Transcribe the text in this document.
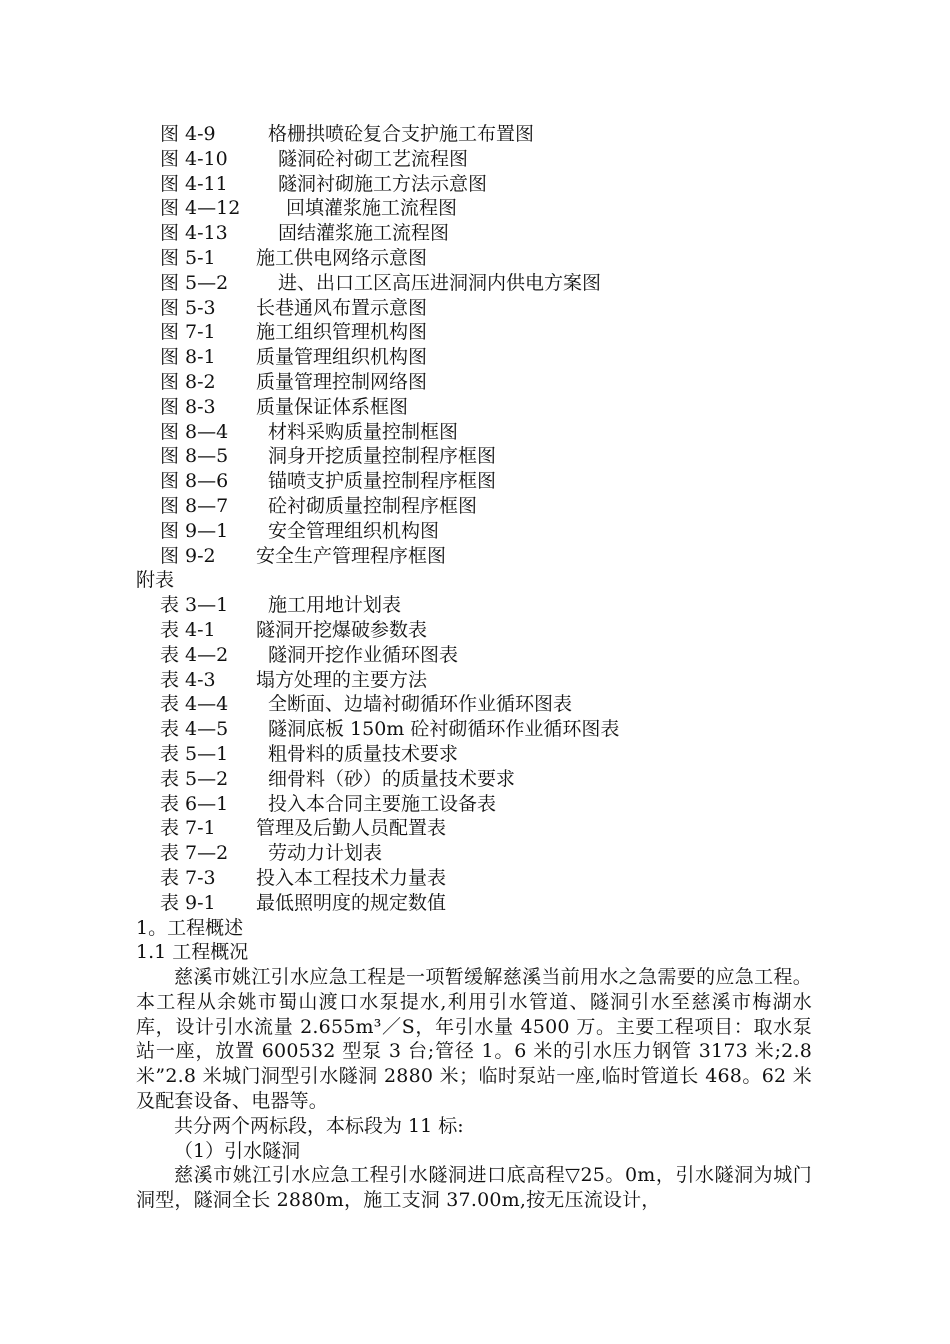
图 4-9	格栅拱喷砼复合支护施工布置图
图 4-10	隧洞砼衬砌工艺流程图
图 4-11	隧洞衬砌施工方法示意图
图 4—12 回填灌浆施工流程图
图 4-13	固结灌浆施工流程图
图 5-1 施工供电网络示意图
图 5—2	进、出口工区高压进洞洞内供电方案图
图 5-3 长巷通风布置示意图
图 7-1 施工组织管理机构图
图 8-1 质量管理组织机构图
图 8-2 质量管理控制网络图
图 8-3 质量保证体系框图
图 8—4 材料采购质量控制框图
图 8—5 洞身开挖质量控制程序框图
图 8—6 锚喷支护质量控制程序框图
图 8—7 砼衬砌质量控制程序框图
图 9—1 安全管理组织机构图
图 9-2 安全生产管理程序框图
附表
表 3—1 施工用地计划表
表 4-1 隧洞开挖爆破参数表
表 4—2 隧洞开挖作业循环图表
表 4-3 塌方处理的主要方法
表 4—4 全断面、边墙衬砌循环作业循环图表
表 4—5 隧洞底板 150m 砼衬砌循环作业循环图表
表 5—1 粗骨料的质量技术要求
表 5—2 细骨料（砂）的质量技术要求
表 6—1 投入本合同主要施工设备表
表 7-1 管理及后勤人员配置表
表 7—2 劳动力计划表
表 7-3 投入本工程技术力量表
表 9-1 最低照明度的规定数值
1。工程概述
1.1 工程概况

慈溪市姚江引水应急工程是一项暂缓解慈溪当前用水之急需要的应急工程。本工程从余姚市蜀山渡口水泵提水,利用引水管道、隧洞引水至慈溪市梅湖水库，设计引水流量 2.655m³／S，年引水量 4500 万。主要工程项目：取水泵站一座，放置 600532 型泵 3 台;管径 1。6 米的引水压力钢管 3173 米;2.8 米”2.8 米城门洞型引水隧洞 2880 米；临时泵站一座,临时管道长 468。62 米及配套设备、电器等。

共分两个两标段，本标段为 11 标:

（1）引水隧洞

慈溪市姚江引水应急工程引水隧洞进口底高程▽25。0m，引水隧洞为城门洞型，隧洞全长 2880m，施工支洞 37.00m,按无压流设计，
